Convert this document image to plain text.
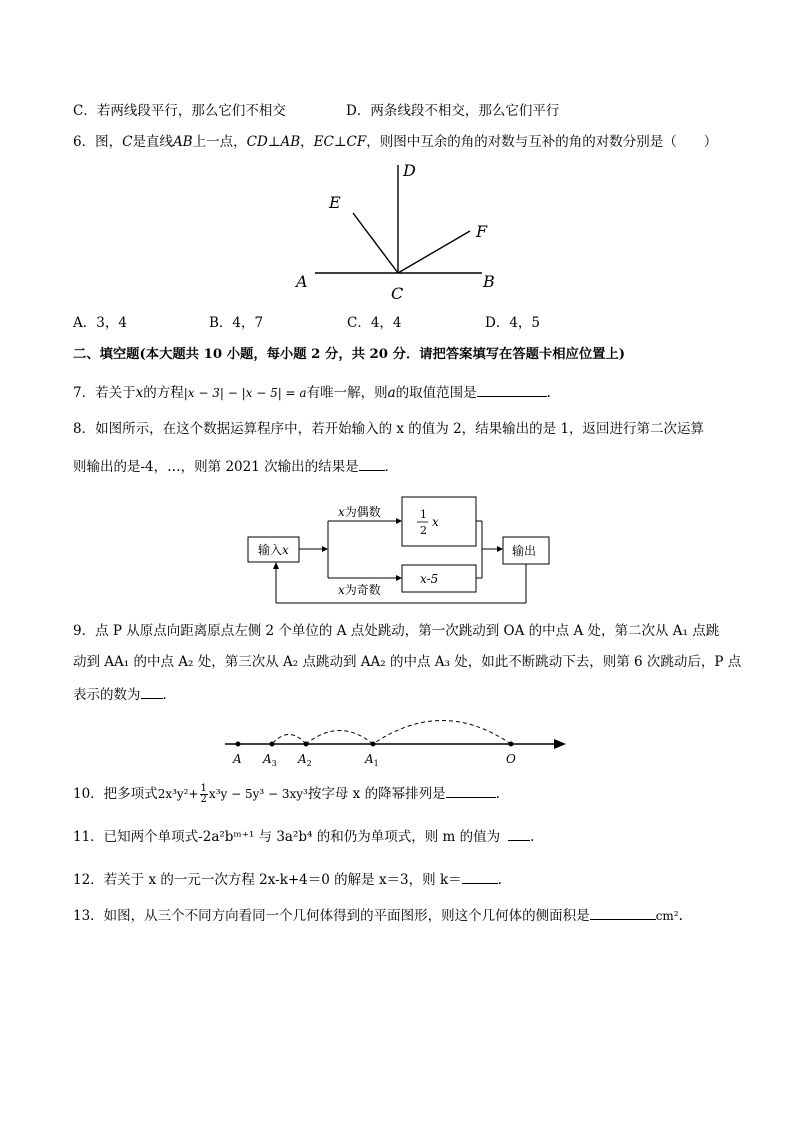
C．若两线段平行，那么它们不相交	D．两条线段不相交，那么它们平行
6．图，C是直线AB上一点，CD⊥AB，EC⊥CF，则图中互余的角的对数与互补的角的对数分别是（　　）
D
E
F
A	B
C
A．3，4	B．4，7	C．4，4	D．4，5
二、填空题(本大题共 10 小题，每小题 2 分，共 20 分．请把答案填写在答题卡相应位置上)
7．若关于x的方程|x − 3| − |x − 5| = a有唯一解，则a的取值范围是	.
8．如图所示，在这个数据运算程序中，若开始输入的 x 的值为 2，结果输出的是 1，返回进行第二次运算
则输出的是-4，…，则第 2021 次输出的结果是 ．
输入x
x为偶数
x为奇数
1
2
x
x-5
输出
9．点 P 从原点向距离原点左侧 2 个单位的 A 点处跳动，第一次跳动到 OA 的中点 A 处，第二次从 A₁ 点跳
动到 AA₁ 的中点 A₂ 处，第三次从 A₂ 点跳动到 AA₂ 的中点 A₃ 处，如此不断跳动下去，则第 6 次跳动后，P 点
表示的数为 ．
A $A_3$ $A_2$	$A_1$	O
10．把多项式$2x^3y^2+ \frac{1}{2} x^3y - 5y^3 - 3xy^3$按字母 x 的降幂排列是	.
11．已知两个单项式-2a²bᵐ⁺¹ 与 3a²b⁴ 的和仍为单项式，则 m 的值为 .
12．若关于 x 的一元一次方程 2x-k+4＝0 的解是 x＝3，则 k＝	.
13．如图，从三个不同方向看同一个几何体得到的平面图形，则这个几何体的侧面积是	cm².
